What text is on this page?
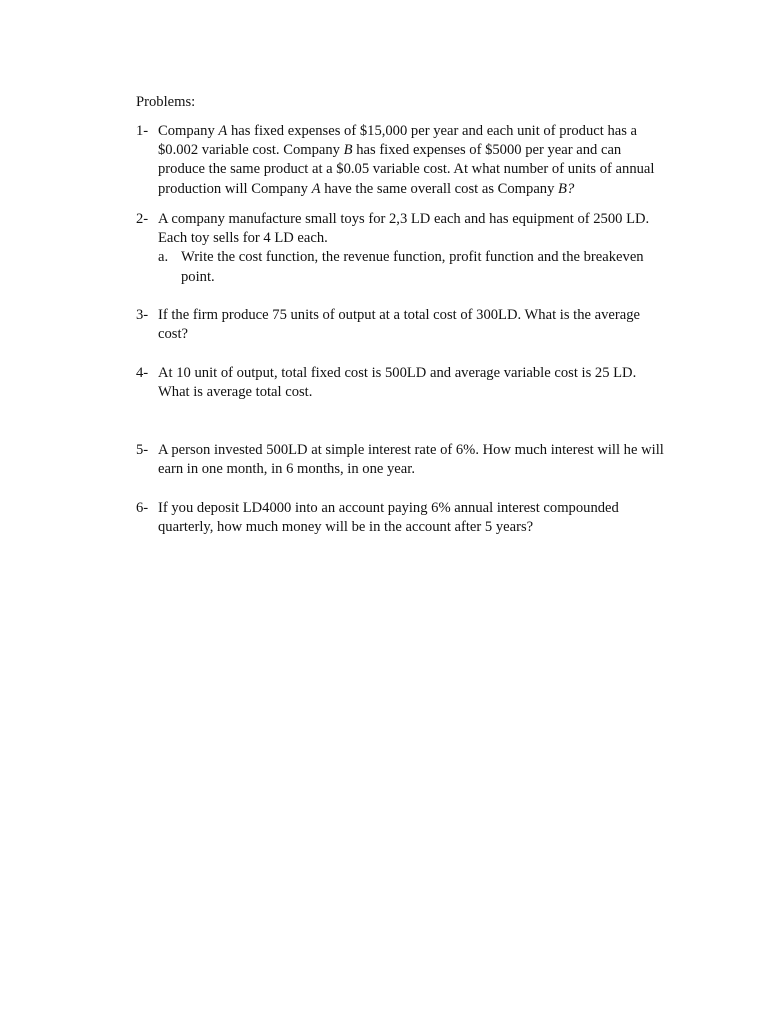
Problems:
1- Company A has fixed expenses of $15,000 per year and each unit of product has a $0.002 variable cost. Company B has fixed expenses of $5000 per year and can produce the same product at a $0.05 variable cost. At what number of units of annual production will Company A have the same overall cost as Company B?
2- A company manufacture small toys for 2,3 LD each and has equipment of 2500 LD. Each toy sells for 4 LD each.
a. Write the cost function, the revenue function, profit function and the breakeven point.
3- If the firm produce 75 units of output at a total cost of 300LD. What is the average cost?
4- At 10 unit of output, total fixed cost is 500LD and average variable cost is 25 LD. What is average total cost.
5- A person invested 500LD at simple interest rate of 6%. How much interest will he will earn in one month, in 6 months, in one year.
6- If you deposit LD4000 into an account paying 6% annual interest compounded quarterly, how much money will be in the account after 5 years?
